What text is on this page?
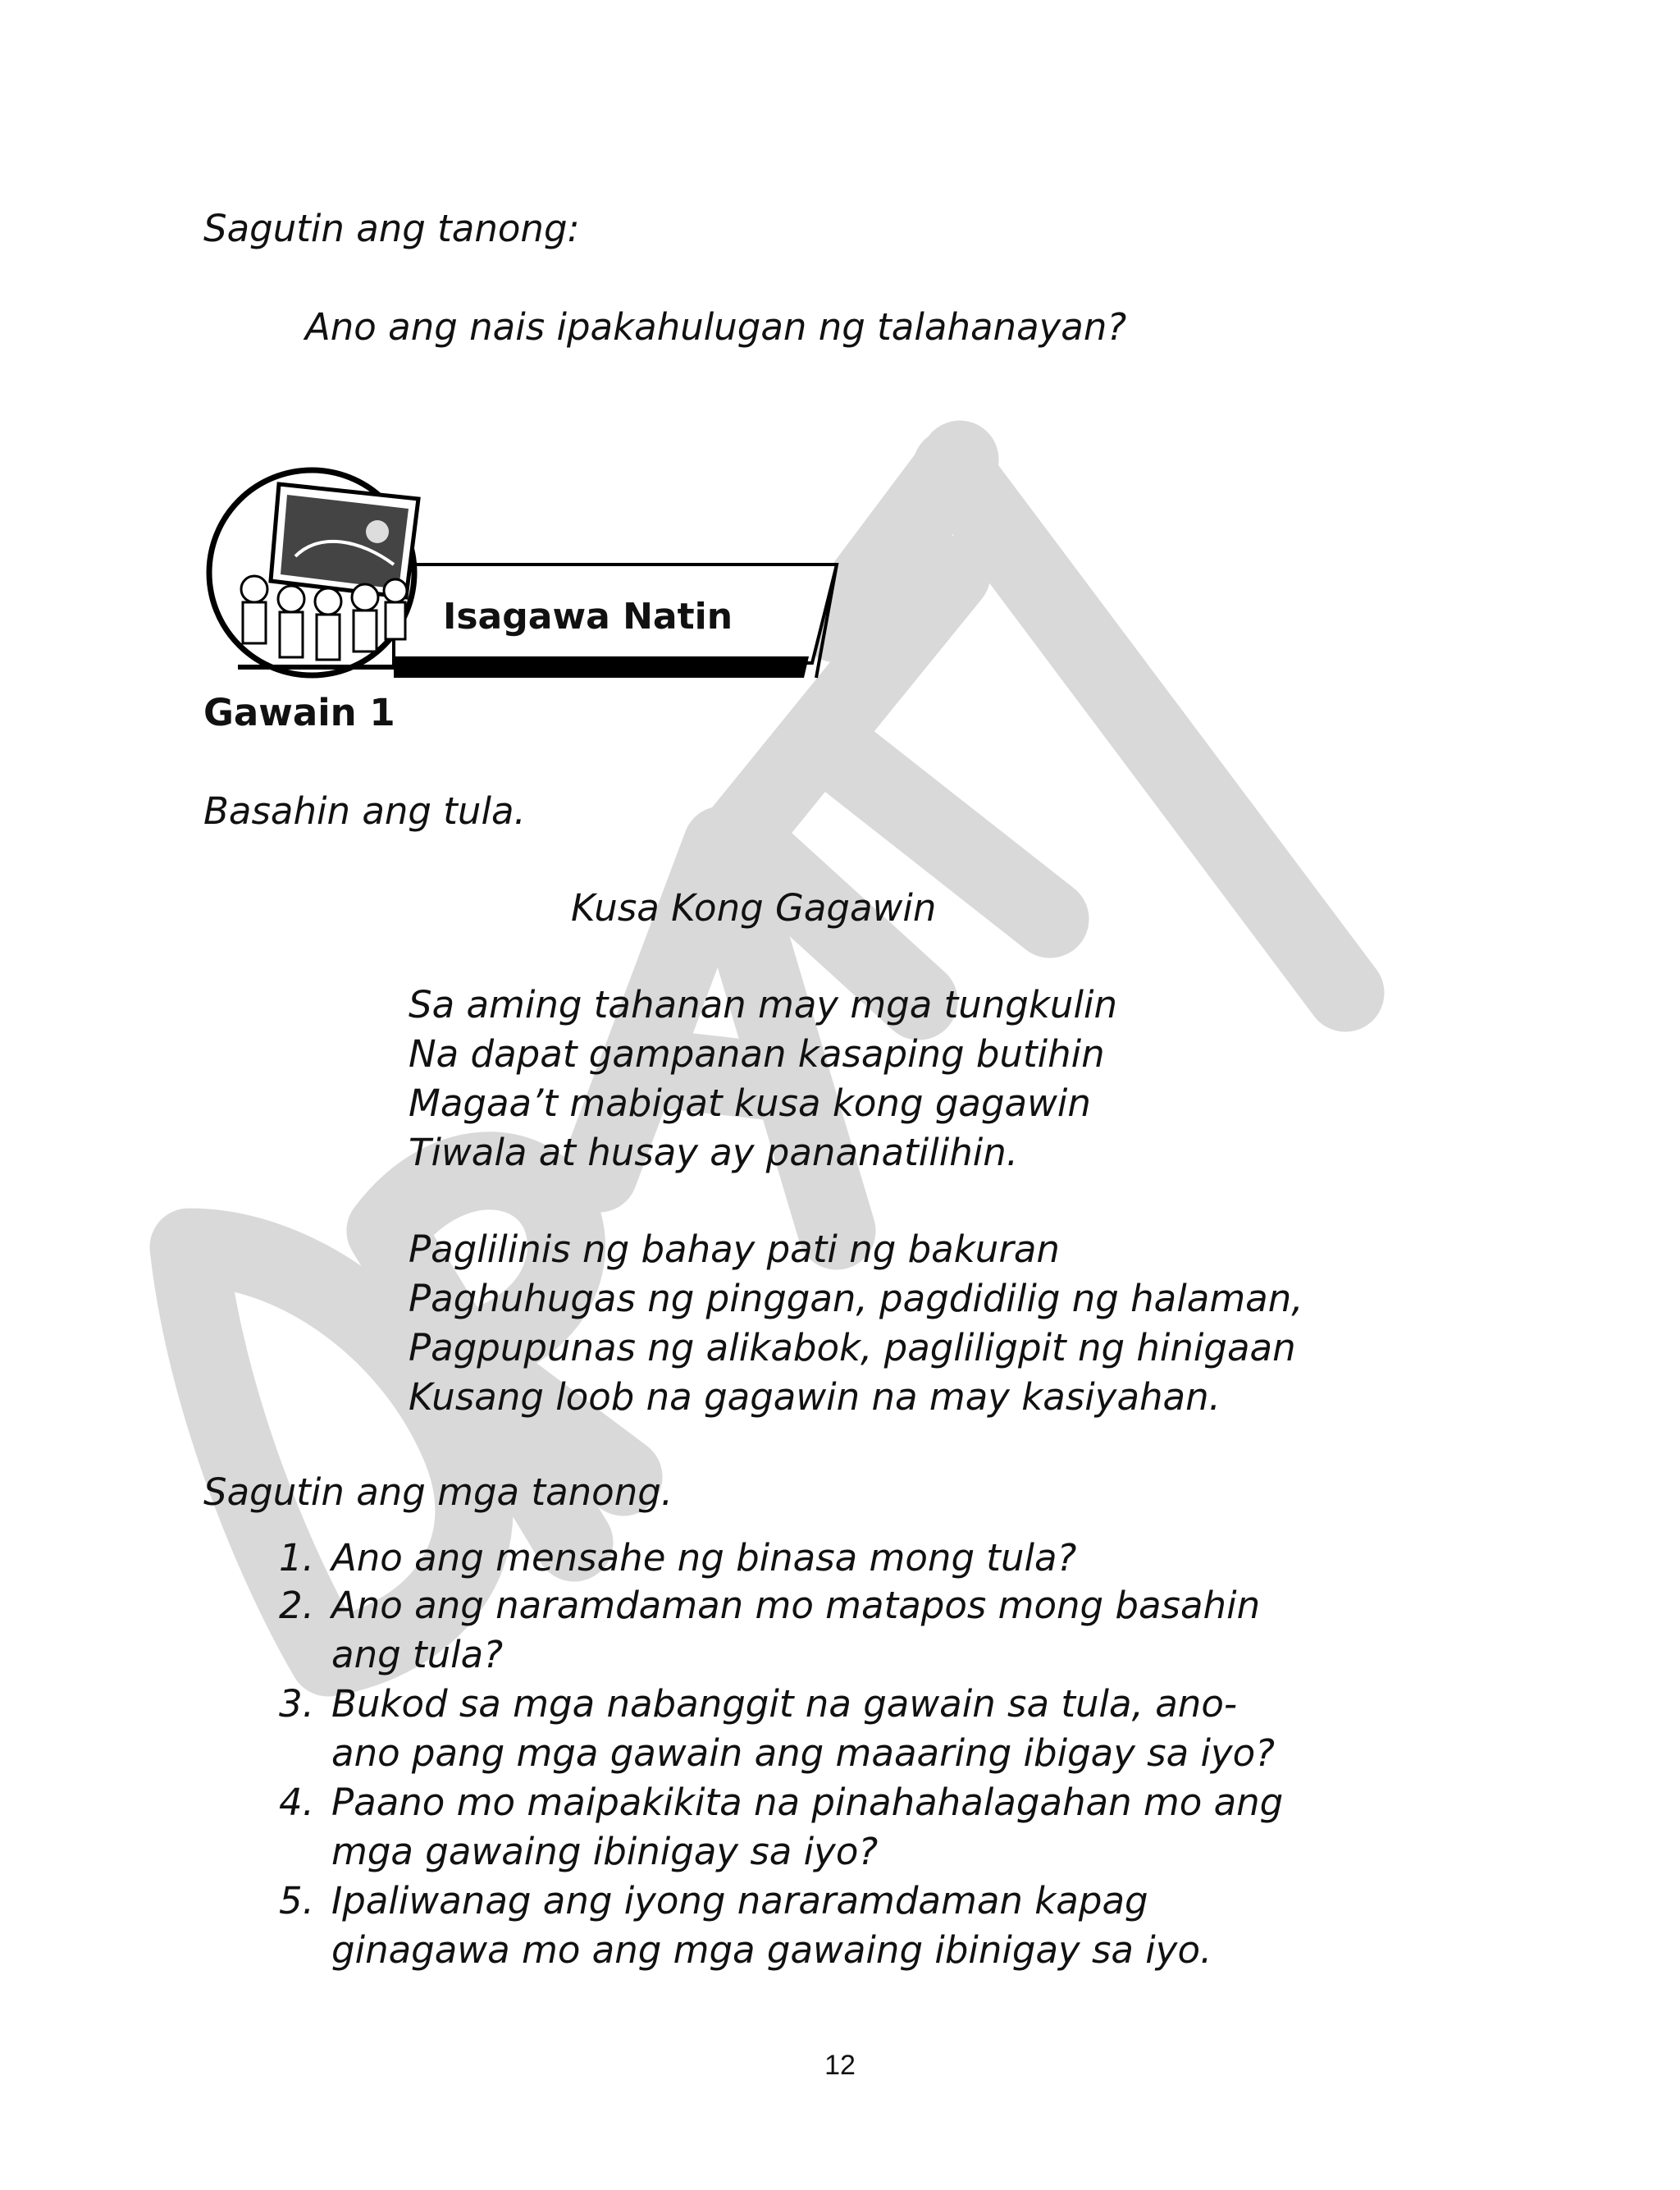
Sagutin ang tanong:
Ano ang nais ipakahulugan ng talahanayan?
Isagawa Natin
Gawain 1
Basahin ang tula.
Kusa Kong Gagawin
Sa aming tahanan may mga tungkulin
Na dapat gampanan kasaping butihin
Magaa’t mabigat kusa kong gagawin
Tiwala at husay ay pananatilihin.
Paglilinis ng bahay pati ng bakuran
Paghuhugas ng pinggan, pagdidilig ng halaman,
Pagpupunas ng alikabok, pagliligpit ng hinigaan
Kusang loob na gagawin na may kasiyahan.
Sagutin ang mga tanong.
1. Ano ang mensahe ng binasa mong tula?
2. Ano ang naramdaman mo matapos mong basahin
ang tula?
3. Bukod sa mga nabanggit na gawain sa tula, ano-
ano pang mga gawain ang maaaring ibigay sa iyo?
4. Paano mo maipakikita na pinahahalagahan mo ang
mga gawaing ibinigay sa iyo?
5. Ipaliwanag ang iyong nararamdaman kapag
ginagawa mo ang mga gawaing ibinigay sa iyo.
12
